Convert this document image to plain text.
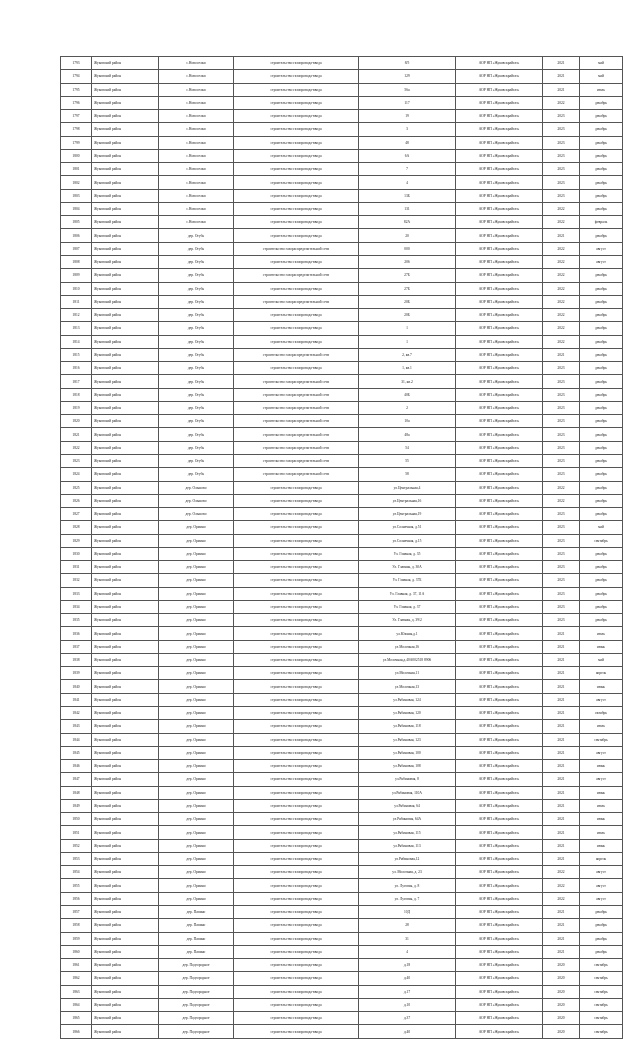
1793	Жуковский район	с.Новоселки	строительство газопровода-ввода	8/5	АОР НП «Жуковскрайгаз»	2021	май
1794	Жуковский район	с.Новоселки	строительство газопровода-ввода	129	АОР НП «Жуковскрайгаз»	2021	май
1795	Жуковский район	с.Новоселки	строительство газопровода-ввода	56а	АОР НП «Жуковскрайгаз»	2021	июль
1796	Жуковский район	с.Новоселки	строительство газопровода-ввода	117	АОР НП «Жуковскрайгаз»	2022	декабрь
1797	Жуковский район	с.Новоселки	строительство газопровода-ввода	19	АОР НП «Жуковскрайгаз»	2023	декабрь
1798	Жуковский район	с.Новоселки	строительство газопровода-ввода	3	АОР НП «Жуковскрайгаз»	2023	декабрь
1799	Жуковский район	с.Новоселки	строительство газопровода-ввода	48	АОР НП «Жуковскрайгаз»	2023	декабрь
1800	Жуковский район	с.Новоселки	строительство газопровода-ввода	6А	АОР НП «Жуковскрайгаз»	2023	декабрь
1801	Жуковский район	с.Новоселки	строительство газопровода-ввода	7	АОР НП «Жуковскрайгаз»	2023	декабрь
1802	Жуковский район	с.Новоселки	строительство газопровода-ввода	4	АОР НП «Жуковскрайгаз»	2023	декабрь
1803	Жуковский район	с.Новоселки	строительство газопровода-ввода	13Б	АОР НП «Жуковскрайгаз»	2023	декабрь
1804	Жуковский район	с.Новоселки	строительство газопровода-ввода	131	АОР НП «Жуковскрайгаз»	2022	декабрь
1805	Жуковский район	с.Новоселки	строительство газопровода-ввода	82А	АОР НП «Жуковскрайгаз»	2022	февраль
1806	Жуковский район	дер. Огубь	строительство газопровода-ввода	20	АОР НП «Жуковскрайгаз»	2021	декабрь
1807	Жуковский район	дер. Огубь	строительство газораспределительной сети	000	АОР НП «Жуковскрайгаз»	2022	август
1808	Жуковский район	дер. Огубь	строительство газопровода-ввода	206	АОР НП «Жуковскрайгаз»	2022	август
1809	Жуковский район	дер. Огубь	строительство газораспределительной сети	27Б	АОР НП «Жуковскрайгаз»	2022	декабрь
1810	Жуковский район	дер. Огубь	строительство газопровода-ввода	27Б	АОР НП «Жуковскрайгаз»	2022	декабрь
1811	Жуковский район	дер. Огубь	строительство газораспределительной сети	20Б	АОР НП «Жуковскрайгаз»	2022	декабрь
1812	Жуковский район	дер. Огубь	строительство газопровода-ввода	20Б	АОР НП «Жуковскрайгаз»	2022	декабрь
1813	Жуковский район	дер. Огубь	строительство газопровода-ввода	1	АОР НП «Жуковскрайгаз»	2022	декабрь
1814	Жуковский район	дер. Огубь	строительство газопровода-ввода	1	АОР НП «Жуковскрайгаз»	2022	декабрь
1815	Жуковский район	дер. Огубь	строительство газораспределительной сети	2, кв.7	АОР НП «Жуковскрайгаз»	2021	декабрь
1816	Жуковский район	дер. Огубь	строительство газопровода-ввода	1, кв.1	АОР НП «Жуковскрайгаз»	2023	декабрь
1817	Жуковский район	дер. Огубь	строительство газораспределительной сети	31, кв.2	АОР НП «Жуковскрайгаз»	2023	декабрь
1818	Жуковский район	дер. Огубь	строительство газораспределительной сети	40Б	АОР НП «Жуковскрайгаз»	2023	декабрь
1819	Жуковский район	дер. Огубь	строительство газораспределительной сети	2	АОР НП «Жуковскрайгаз»	2023	декабрь
1820	Жуковский район	дер. Огубь	строительство газораспределительной сети	10а	АОР НП «Жуковскрайгаз»	2023	декабрь
1821	Жуковский район	дер. Огубь	строительство газораспределительной сети	48а	АОР НП «Жуковскрайгаз»	2023	декабрь
1822	Жуковский район	дер. Огубь	строительство газораспределительной сети	54	АОР НП «Жуковскрайгаз»	2023	декабрь
1823	Жуковский район	дер. Огубь	строительство газораспределительной сети	55	АОР НП «Жуковскрайгаз»	2023	декабрь
1824	Жуковский район	дер. Огубь	строительство газораспределительной сети	58	АОР НП «Жуковскрайгаз»	2023	декабрь
1825	Жуковский район	дер. Ольшово	строительство газопровода-ввода	ул.Центральная,4	АОР НП «Жуковскрайгаз»	2022	декабрь
1826	Жуковский район	дер. Ольшово	строительство газопровода-ввода	ул.Центральная,16	АОР НП «Жуковскрайгаз»	2022	декабрь
1827	Жуковский район	дер. Ольшово	строительство газопровода-ввода	ул.Центральная,19	АОР НП «Жуковскрайгаз»	2023	декабрь
1828	Жуковский район	дер. Ормино	строительство газопровода-ввода	ул.Солнечная, д.51	АОР НП «Жуковскрайгаз»	2023	май
1829	Жуковский район	дер. Ормино	строительство газопровода-ввода	ул.Солнечная, д.15	АОР НП «Жуковскрайгаз»	2023	сентябрь
1830	Жуковский район	дер. Ормино	строительство газопровода-ввода	Ул. Главная, д. 35	АОР НП «Жуковскрайгаз»	2023	декабрь
1831	Жуковский район	дер. Ормино	строительство газопровода-ввода	Ул. Главная, д. 30А	АОР НП «Жуковскрайгаз»	2023	декабрь
1832	Жуковский район	дер. Ормино	строительство газопровода-ввода	Ул. Главная, д. 37Б	АОР НП «Жуковскрайгаз»	2023	декабрь
1833	Жуковский район	дер. Ормино	строительство газопровода-ввода	Ул. Главная, д. 37, 11А	АОР НП «Жуковскрайгаз»	2023	декабрь
1834	Жуковский район	дер. Ормино	строительство газопровода-ввода	Ул. Главная, д. 37	АОР НП «Жуковскрайгаз»	2023	декабрь
1835	Жуковский район	дер. Ормино	строительство газопровода-ввода	Ул. Главная, д. 39/2	АОР НП «Жуковскрайгаз»	2023	декабрь
1836	Жуковский район	дер. Ормино	строительство газопровода-ввода	ул.Южная,д.1	АОР НП «Жуковскрайгаз»	2021	июль
1837	Жуковский район	дер. Ормино	строительство газопровода-ввода	ул.Молочная,16	АОР НП «Жуковскрайгаз»	2021	июнь
1838	Жуковский район	дер. Ормино	строительство газопровода-ввода	ул.Молочная,д.40А002518 8906	АОР НП «Жуковскрайгаз»	2021	май
1839	Жуковский район	дер. Ормино	строительство газопровода-ввода	ул.Молочная,11	АОР НП «Жуковскрайгаз»	2021	апрель
1840	Жуковский район	дер. Ормино	строительство газопровода-ввода	ул.Молочная,13	АОР НП «Жуковскрайгаз»	2021	июнь
1841	Жуковский район	дер. Ормино	строительство газопровода-ввода	ул.Рябиновая, 124	АОР НП «Жуковскрайгаз»	2021	август
1842	Жуковский район	дер. Ормино	строительство газопровода-ввода	ул.Рябиновая, 120	АОР НП «Жуковскрайгаз»	2021	октябрь
1843	Жуковский район	дер. Ормино	строительство газопровода-ввода	ул.Рябиновая, 118	АОР НП «Жуковскрайгаз»	2021	июль
1844	Жуковский район	дер. Ормино	строительство газопровода-ввода	ул.Рябиновая, 123	АОР НП «Жуковскрайгаз»	2021	сентябрь
1845	Жуковский район	дер. Ормино	строительство газопровода-ввода	ул.Рябиновая, 100	АОР НП «Жуковскрайгаз»	2021	август
1846	Жуковский район	дер. Ормино	строительство газопровода-ввода	ул.Рябиновая, 108	АОР НП «Жуковскрайгаз»	2021	июнь
1847	Жуковский район	дер. Ормино	строительство газопровода-ввода	ул.Рябиновая, 8	АОР НП «Жуковскрайгаз»	2021	август
1848	Жуковский район	дер. Ормино	строительство газопровода-ввода	ул.Рябиновая, 110А	АОР НП «Жуковскрайгаз»	2021	июнь
1849	Жуковский район	дер. Ормино	строительство газопровода-ввода	ул.Рябиновая, 64	АОР НП «Жуковскрайгаз»	2021	июль
1850	Жуковский район	дер. Ормино	строительство газопровода-ввода	ул.Рябиновая, 64А	АОР НП «Жуковскрайгаз»	2021	июнь
1851	Жуковский район	дер. Ормино	строительство газопровода-ввода	ул.Рябиновая, 115	АОР НП «Жуковскрайгаз»	2021	июль
1852	Жуковский район	дер. Ормино	строительство газопровода-ввода	ул.Рябиновая, 113	АОР НП «Жуковскрайгаз»	2021	июнь
1853	Жуковский район	дер. Ормино	строительство газопровода-ввода	ул.Рябиновая,12	АОР НП «Жуковскрайгаз»	2021	апрель
1854	Жуковский район	дер. Ормино	строительство газопровода-ввода	ул. Молочная, д. 23	АОР НП «Жуковскрайгаз»	2022	август
1855	Жуковский район	дер. Ормино	строительство газопровода-ввода	ул. Луговая, д. 8	АОР НП «Жуковскрайгаз»	2022	август
1856	Жуковский район	дер. Ормино	строительство газопровода-ввода	ул. Луговая, д. 7	АОР НП «Жуковскрайгаз»	2022	август
1857	Жуковский район	дер. Папино	строительство газопровода-ввода	10Д	АОР НП «Жуковскрайгаз»	2021	декабрь
1858	Жуковский район	дер. Папино	строительство газопровода-ввода	28	АОР НП «Жуковскрайгаз»	2021	декабрь
1859	Жуковский район	дер. Папино	строительство газопровода-ввода	31	АОР НП «Жуковскрайгаз»	2021	декабрь
1860	Жуковский район	дер. Папино	строительство газопровода-ввода	4	АОР НП «Жуковскрайгаз»	2021	декабрь
1861	Жуковский район	дер. Подгородное	строительство газопровода-ввода	д.18	АОР НП «Жуковскрайгаз»	2020	сентябрь
1862	Жуковский район	дер. Подгородное	строительство газопровода-ввода	д.40	АОР НП «Жуковскрайгаз»	2020	сентябрь
1863	Жуковский район	дер. Подгородное	строительство газопровода-ввода	д.17	АОР НП «Жуковскрайгаз»	2020	сентябрь
1864	Жуковский район	дер. Подгородное	строительство газопровода-ввода	д.10	АОР НП «Жуковскрайгаз»	2020	сентябрь
1865	Жуковский район	дер. Подгородное	строительство газопровода-ввода	д.37	АОР НП «Жуковскрайгаз»	2020	сентябрь
1866	Жуковский район	дер. Подгородное	строительство газопровода-ввода	д.40	АОР НП «Жуковскрайгаз»	2020	сентябрь
